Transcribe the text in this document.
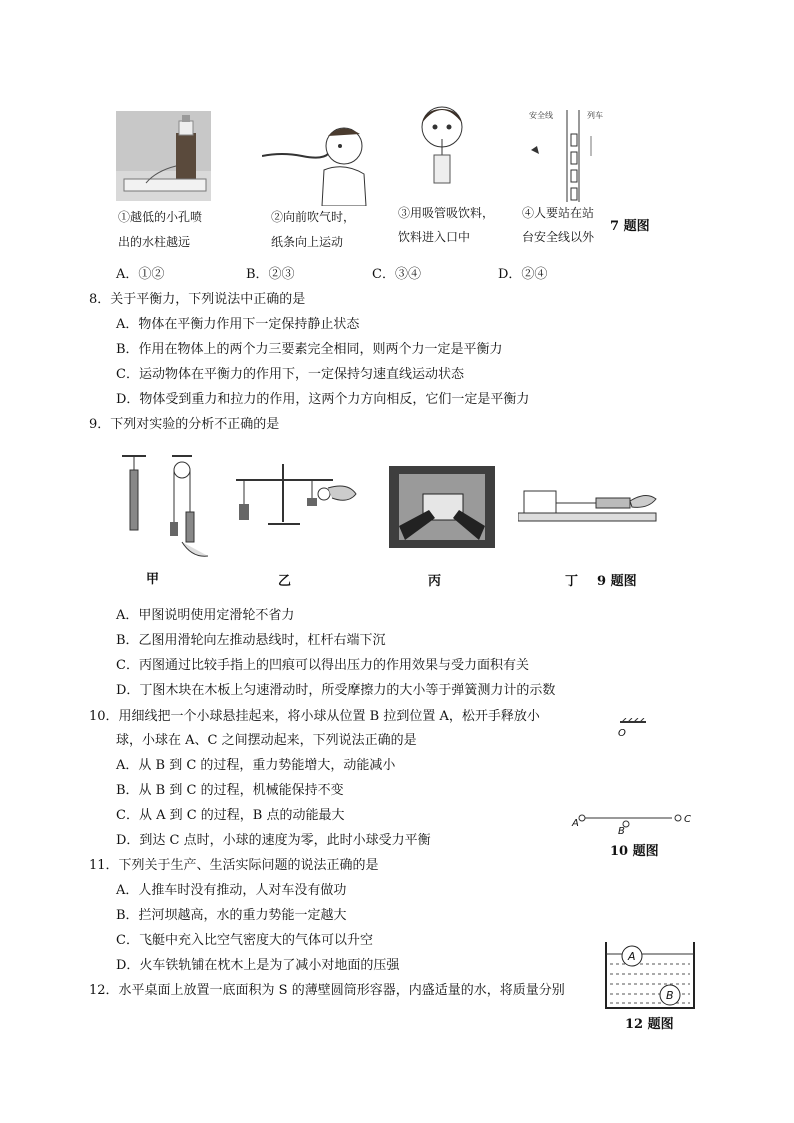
安全线	列车
①越低的小孔喷
出的水柱越远
②向前吹气时，
纸条向上运动
③用吸管吸饮料，
饮料进入口中
④人要站在站
台安全线以外
7 题图
A．①②	B．②③	C．③④	D．②④
8．关于平衡力，下列说法中正确的是
A．物体在平衡力作用下一定保持静止状态
B．作用在物体上的两个力三要素完全相同，则两个力一定是平衡力
C．运动物体在平衡力的作用下，一定保持匀速直线运动状态
D．物体受到重力和拉力的作用，这两个力方向相反，它们一定是平衡力
9．下列对实验的分析不正确的是
甲	乙	丙	丁 9 题图
A．甲图说明使用定滑轮不省力
B．乙图用滑轮向左推动悬线时，杠杆右端下沉
C．丙图通过比较手指上的凹痕可以得出压力的作用效果与受力面积有关
D．丁图木块在木板上匀速滑动时，所受摩擦力的大小等于弹簧测力计的示数
10．用细线把一个小球悬挂起来，将小球从位置 B 拉到位置 A，松开手释放小
球，小球在 A、C 之间摆动起来，下列说法正确的是
A．从 B 到 C 的过程，重力势能增大，动能减小
B．从 B 到 C 的过程，机械能保持不变
C．从 A 到 C 的过程，B 点的动能最大
D．到达 C 点时，小球的速度为零，此时小球受力平衡
O
A
B
C
10 题图
11．下列关于生产、生活实际问题的说法正确的是
A．人推车时没有推动，人对车没有做功
B．拦河坝越高，水的重力势能一定越大
C．飞艇中充入比空气密度大的气体可以升空
D．火车铁轨铺在枕木上是为了减小对地面的压强
12．水平桌面上放置一底面积为 S 的薄壁圆筒形容器，内盛适量的水，将质量分别
A
B
12 题图
